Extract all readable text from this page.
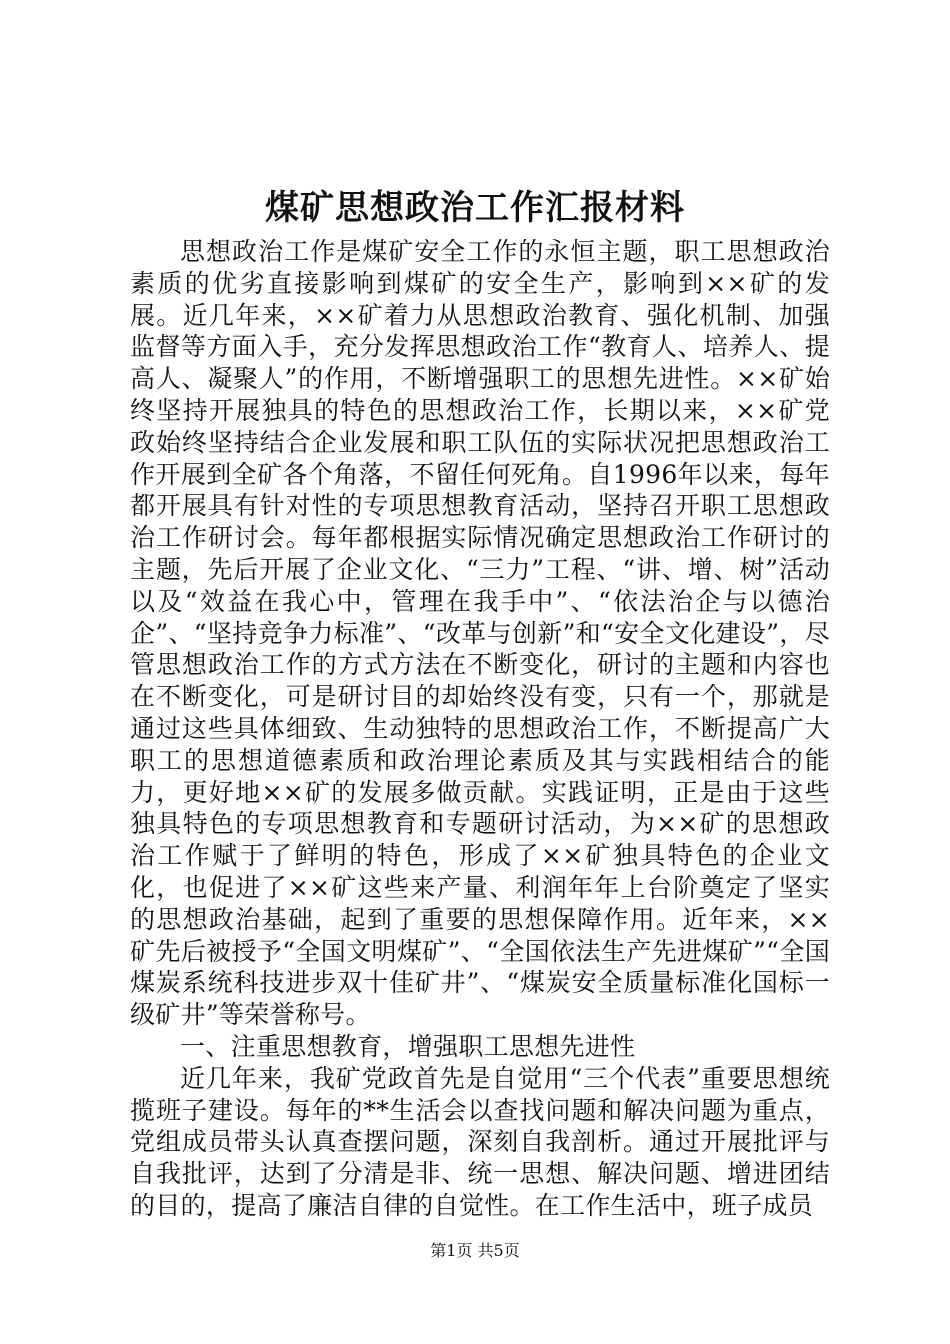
煤矿思想政治工作汇报材料

思想政治工作是煤矿安全工作的永恒主题，职工思想政治素质的优劣直接影响到煤矿的安全生产，影响到××矿的发展。近几年来，××矿着力从思想政治教育、强化机制、加强监督等方面入手，充分发挥思想政治工作“教育人、培养人、提高人、凝聚人”的作用，不断增强职工的思想先进性。××矿始终坚持开展独具的特色的思想政治工作，长期以来，××矿党政始终坚持结合企业发展和职工队伍的实际状况把思想政治工作开展到全矿各个角落，不留任何死角。自1996年以来，每年都开展具有针对性的专项思想教育活动，坚持召开职工思想政治工作研讨会。每年都根据实际情况确定思想政治工作研讨的主题，先后开展了企业文化、“三力”工程、“讲、增、树”活动以及“效益在我心中，管理在我手中”、“依法治企与以德治企”、“坚持竞争力标准”、“改革与创新”和“安全文化建设”，尽管思想政治工作的方式方法在不断变化，研讨的主题和内容也在不断变化，可是研讨目的却始终没有变，只有一个，那就是通过这些具体细致、生动独特的思想政治工作，不断提高广大职工的思想道德素质和政治理论素质及其与实践相结合的能力，更好地××矿的发展多做贡献。实践证明，正是由于这些独具特色的专项思想教育和专题研讨活动，为××矿的思想政治工作赋于了鲜明的特色，形成了××矿独具特色的企业文化，也促进了××矿这些来产量、利润年年上台阶奠定了坚实的思想政治基础，起到了重要的思想保障作用。近年来，××矿先后被授予“全国文明煤矿”、“全国依法生产先进煤矿”“全国煤炭系统科技进步双十佳矿井”、“煤炭安全质量标准化国标一级矿井”等荣誉称号。

一、注重思想教育，增强职工思想先进性

近几年来，我矿党政首先是自觉用“三个代表”重要思想统揽班子建设。每年的**生活会以查找问题和解决问题为重点，党组成员带头认真查摆问题，深刻自我剖析。通过开展批评与自我批评，达到了分清是非、统一思想、解决问题、增进团结的目的，提高了廉洁自律的自觉性。在工作生活中，班子成员

第1页 共5页
